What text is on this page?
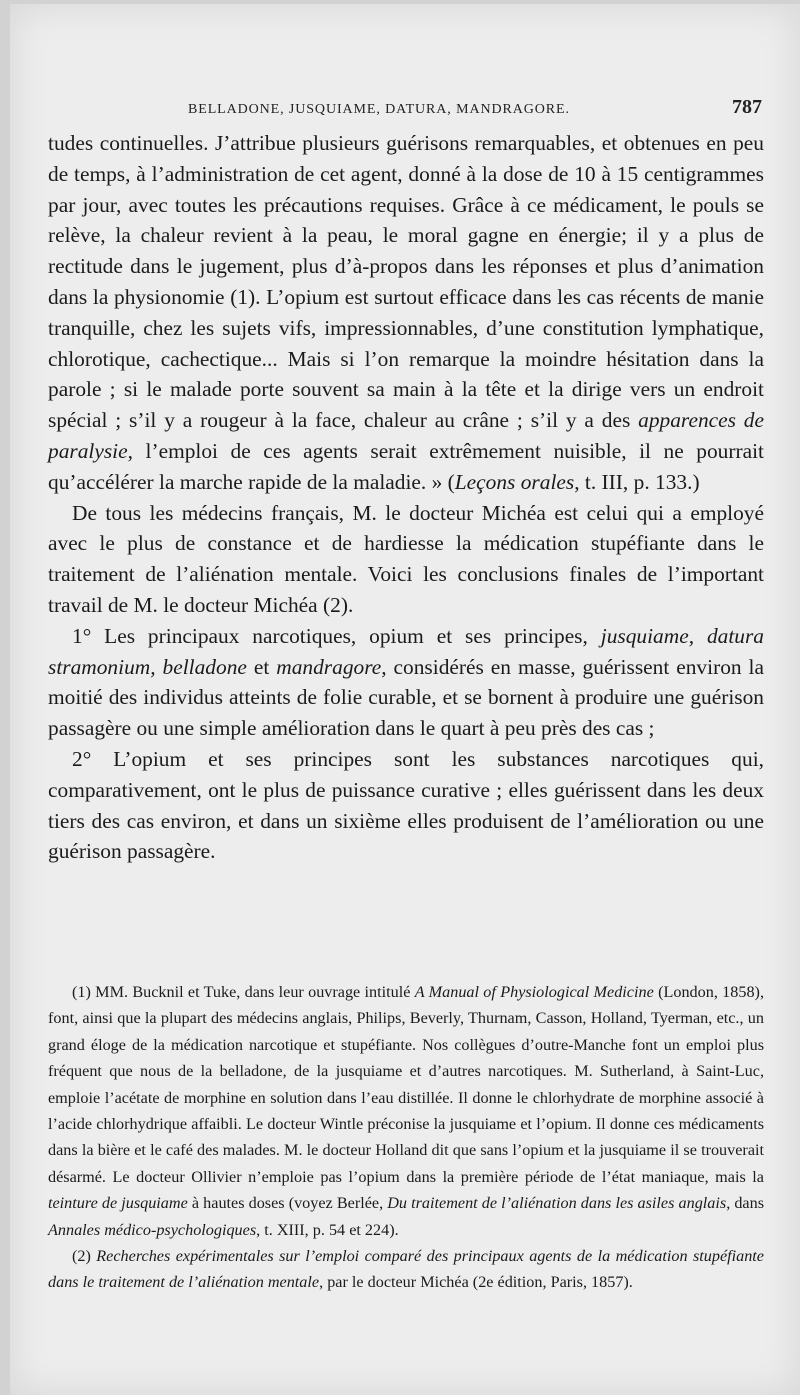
BELLADONE, JUSQUIAME, DATURA, MANDRAGORE.	787

tudes continuelles. J’attribue plusieurs guérisons remarquables, et obtenues en peu de temps, à l’administration de cet agent, donné à la dose de 10 à 15 centigrammes par jour, avec toutes les précautions requises. Grâce à ce médicament, le pouls se relève, la chaleur revient à la peau, le moral gagne en énergie; il y a plus de rectitude dans le jugement, plus d’à-propos dans les réponses et plus d’animation dans la physionomie (1). L’opium est surtout efficace dans les cas récents de manie tranquille, chez les sujets vifs, impressionnables, d’une constitution lymphatique, chlorotique, cachectique... Mais si l’on remarque la moindre hésitation dans la parole ; si le malade porte souvent sa main à la tête et la dirige vers un endroit spécial ; s’il y a rougeur à la face, chaleur au crâne ; s’il y a des apparences de paralysie, l’emploi de ces agents serait extrêmement nuisible, il ne pourrait qu’accélérer la marche rapide de la maladie. » (Leçons orales, t. III, p. 133.)

De tous les médecins français, M. le docteur Michéa est celui qui a employé avec le plus de constance et de hardiesse la médication stupéfiante dans le traitement de l’aliénation mentale. Voici les conclusions finales de l’important travail de M. le docteur Michéa (2).

1° Les principaux narcotiques, opium et ses principes, jusquiame, datura stramonium, belladone et mandragore, considérés en masse, guérissent environ la moitié des individus atteints de folie curable, et se bornent à produire une guérison passagère ou une simple amélioration dans le quart à peu près des cas ;

2° L’opium et ses principes sont les substances narcotiques qui, comparativement, ont le plus de puissance curative ; elles guérissent dans les deux tiers des cas environ, et dans un sixième elles produisent de l’amélioration ou une guérison passagère.

(1) MM. Bucknil et Tuke, dans leur ouvrage intitulé A Manual of Physiological Medicine (London, 1858), font, ainsi que la plupart des médecins anglais, Philips, Beverly, Thurnam, Casson, Holland, Tyerman, etc., un grand éloge de la médication narcotique et stupéfiante. Nos collègues d’outre-Manche font un emploi plus fréquent que nous de la belladone, de la jusquiame et d’autres narcotiques. M. Sutherland, à Saint-Luc, emploie l’acétate de morphine en solution dans l’eau distillée. Il donne le chlorhydrate de morphine associé à l’acide chlorhydrique affaibli. Le docteur Wintle préconise la jusquiame et l’opium. Il donne ces médicaments dans la bière et le café des malades. M. le docteur Holland dit que sans l’opium et la jusquiame il se trouverait désarmé. Le docteur Ollivier n’emploie pas l’opium dans la première période de l’état maniaque, mais la teinture de jusquiame à hautes doses (voyez Berlée, Du traitement de l’aliénation dans les asiles anglais, dans Annales médico-psychologiques, t. XIII, p. 54 et 224).

(2) Recherches expérimentales sur l’emploi comparé des principaux agents de la médication stupéfiante dans le traitement de l’aliénation mentale, par le docteur Michéa (2e édition, Paris, 1857).
